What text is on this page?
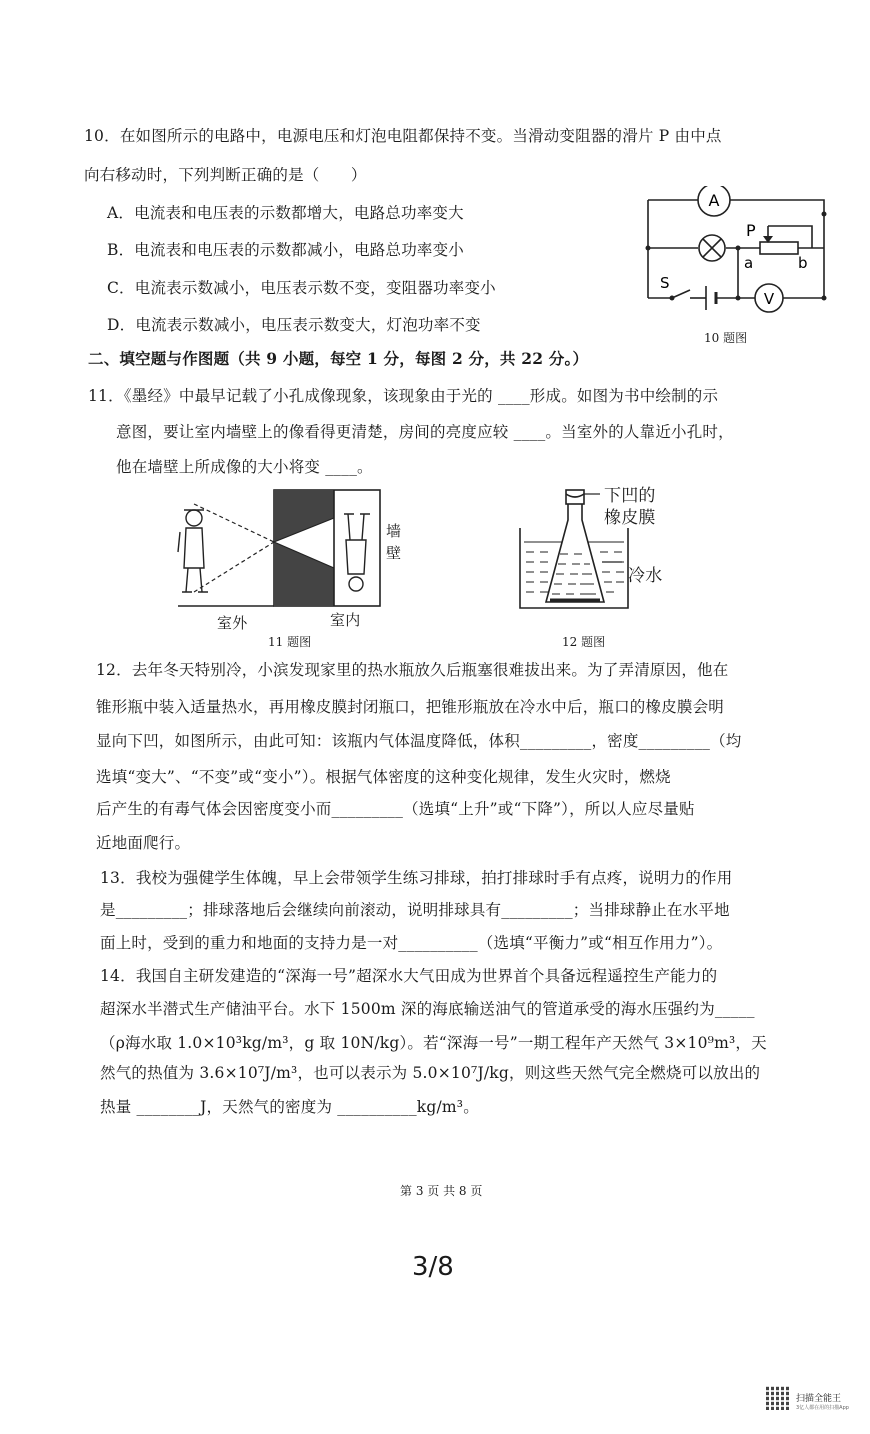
10．在如图所示的电路中，电源电压和灯泡电阻都保持不变。当滑动变阻器的滑片 P 由中点
向右移动时，下列判断正确的是（　　）
A．电流表和电压表的示数都增大，电路总功率变大
B．电流表和电压表的示数都减小，电路总功率变小
C．电流表示数减小，电压表示数不变，变阻器功率变小
D．电流表示数减小，电压表示数变大，灯泡功率不变
A
P
a	b
S
V
10 题图
二、填空题与作图题（共 9 小题，每空 1 分，每图 2 分，共 22 分。）
11．《墨经》中最早记载了小孔成像现象，该现象由于光的 ____形成。如图为书中绘制的示
意图，要让室内墙壁上的像看得更清楚，房间的亮度应较 ____。当室外的人靠近小孔时，
他在墙壁上所成像的大小将变 ____。
墙壁
室外	室内
11 题图
下凹的
橡皮膜
冷水
12 题图
12．去年冬天特别冷，小滨发现家里的热水瓶放久后瓶塞很难拔出来。为了弄清原因，他在
锥形瓶中装入适量热水，再用橡皮膜封闭瓶口，把锥形瓶放在冷水中后，瓶口的橡皮膜会明
显向下凹，如图所示，由此可知：该瓶内气体温度降低，体积_________，密度_________（均
选填“变大”、“不变”或“变小”）。根据气体密度的这种变化规律，发生火灾时，燃烧
后产生的有毒气体会因密度变小而_________（选填“上升”或“下降”），所以人应尽量贴
近地面爬行。
13．我校为强健学生体魄，早上会带领学生练习排球，拍打排球时手有点疼，说明力的作用
是_________；排球落地后会继续向前滚动，说明排球具有_________；当排球静止在水平地
面上时，受到的重力和地面的支持力是一对__________（选填“平衡力”或“相互作用力”）。
14．我国自主研发建造的“深海一号”超深水大气田成为世界首个具备远程遥控生产能力的
超深水半潜式生产储油平台。水下 1500m 深的海底输送油气的管道承受的海水压强约为_____
（ρ海水取 1.0×10³kg/m³，g 取 10N/kg）。若“深海一号”一期工程年产天然气 3×10⁹m³，天
然气的热值为 3.6×10⁷J/m³，也可以表示为 5.0×10⁷J/kg，则这些天然气完全燃烧可以放出的
热量 ________J，天然气的密度为 __________kg/m³。
第 3 页 共 8 页
3/8
扫描全能王
3亿人都在用的扫描App
